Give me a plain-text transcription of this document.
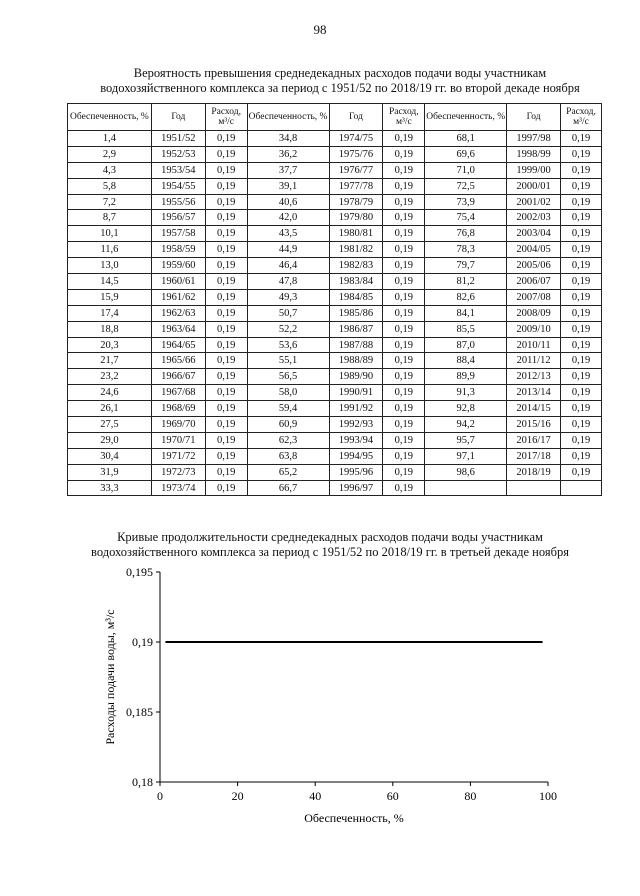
98
Вероятность превышения среднедекадных расходов подачи воды участникам
водохозяйственного комплекса за период с 1951/52 по 2018/19 гг. во второй декаде ноября
Обеспеченность, %	Год	Расход, м³/с	Обеспеченность, %	Год	Расход, м³/с	Обеспеченность, %	Год	Расход, м³/с
1,4	1951/52	0,19	34,8	1974/75	0,19	68,1	1997/98	0,19
2,9	1952/53	0,19	36,2	1975/76	0,19	69,6	1998/99	0,19
4,3	1953/54	0,19	37,7	1976/77	0,19	71,0	1999/00	0,19
5,8	1954/55	0,19	39,1	1977/78	0,19	72,5	2000/01	0,19
7,2	1955/56	0,19	40,6	1978/79	0,19	73,9	2001/02	0,19
8,7	1956/57	0,19	42,0	1979/80	0,19	75,4	2002/03	0,19
10,1	1957/58	0,19	43,5	1980/81	0,19	76,8	2003/04	0,19
11,6	1958/59	0,19	44,9	1981/82	0,19	78,3	2004/05	0,19
13,0	1959/60	0,19	46,4	1982/83	0,19	79,7	2005/06	0,19
14,5	1960/61	0,19	47,8	1983/84	0,19	81,2	2006/07	0,19
15,9	1961/62	0,19	49,3	1984/85	0,19	82,6	2007/08	0,19
17,4	1962/63	0,19	50,7	1985/86	0,19	84,1	2008/09	0,19
18,8	1963/64	0,19	52,2	1986/87	0,19	85,5	2009/10	0,19
20,3	1964/65	0,19	53,6	1987/88	0,19	87,0	2010/11	0,19
21,7	1965/66	0,19	55,1	1988/89	0,19	88,4	2011/12	0,19
23,2	1966/67	0,19	56,5	1989/90	0,19	89,9	2012/13	0,19
24,6	1967/68	0,19	58,0	1990/91	0,19	91,3	2013/14	0,19
26,1	1968/69	0,19	59,4	1991/92	0,19	92,8	2014/15	0,19
27,5	1969/70	0,19	60,9	1992/93	0,19	94,2	2015/16	0,19
29,0	1970/71	0,19	62,3	1993/94	0,19	95,7	2016/17	0,19
30,4	1971/72	0,19	63,8	1994/95	0,19	97,1	2017/18	0,19
31,9	1972/73	0,19	65,2	1995/96	0,19	98,6	2018/19	0,19
33,3	1973/74	0,19	66,7	1996/97	0,19			
Кривые продолжительности среднедекадных расходов подачи воды участникам
водохозяйственного комплекса за период с 1951/52 по 2018/19 гг. в третьей декаде ноября
0	20	40	60	80	100
0,18
0,185
0,19
0,195
Обеспеченность, %
Расходы подачи воды, м³/с
